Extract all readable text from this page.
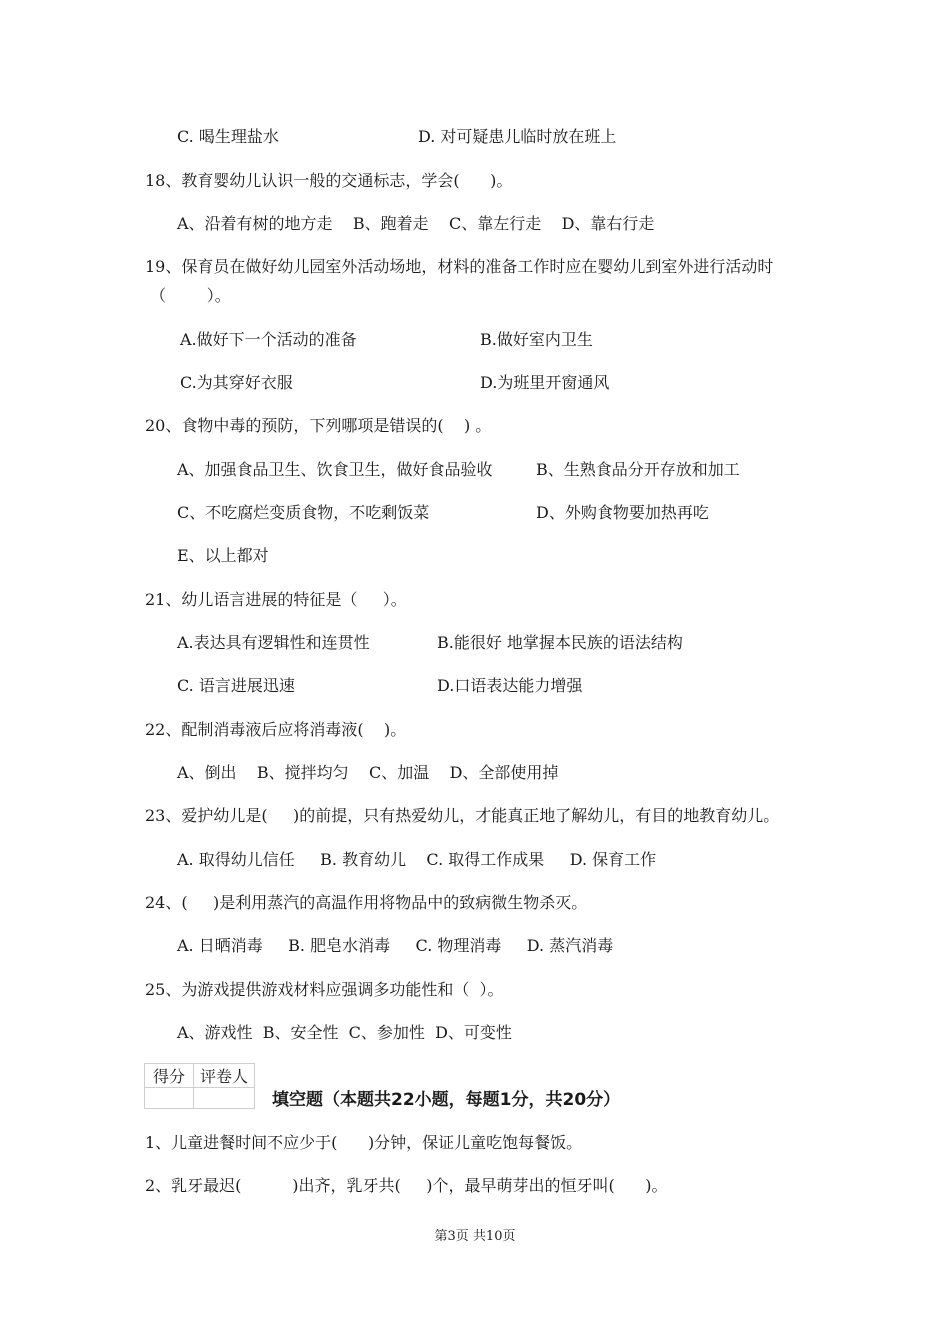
C. 喝生理盐水	D. 对可疑患儿临时放在班上
18、教育婴幼儿认识一般的交通标志，学会(      )。
A、沿着有树的地方走    B、跑着走    C、靠左行走    D、靠右行走
19、保育员在做好幼儿园室外活动场地，材料的准备工作时应在婴幼儿到室外进行活动时
（        ）。
A.做好下一个活动的准备	B.做好室内卫生
C.为其穿好衣服	D.为班里开窗通风
20、食物中毒的预防，下列哪项是错误的(    ) 。
A、加强食品卫生、饮食卫生，做好食品验收	B、生熟食品分开存放和加工
C、不吃腐烂变质食物，不吃剩饭菜	D、外购食物要加热再吃
E、以上都对
21、幼儿语言进展的特征是（     ）。
A.表达具有逻辑性和连贯性	B.能很好 地掌握本民族的语法结构
C. 语言进展迅速	D.口语表达能力增强
22、配制消毒液后应将消毒液(    )。
A、倒出    B、搅拌均匀    C、加温    D、全部使用掉
23、爱护幼儿是(     )的前提，只有热爱幼儿，才能真正地了解幼儿，有目的地教育幼儿。
A. 取得幼儿信任     B. 教育幼儿    C. 取得工作成果     D. 保育工作
24、(     )是利用蒸汽的高温作用将物品中的致病微生物杀灭。
A. 日晒消毒     B. 肥皂水消毒     C. 物理消毒     D. 蒸汽消毒
25、为游戏提供游戏材料应强调多功能性和（  ）。
A、游戏性  B、安全性  C、参加性  D、可变性
得分	评卷人

填空题（本题共22小题，每题1分，共20分）
1、儿童进餐时间不应少于(      )分钟，保证儿童吃饱每餐饭。
2、乳牙最迟(          )出齐，乳牙共(     )个，最早萌芽出的恒牙叫(      )。
第3页 共10页
